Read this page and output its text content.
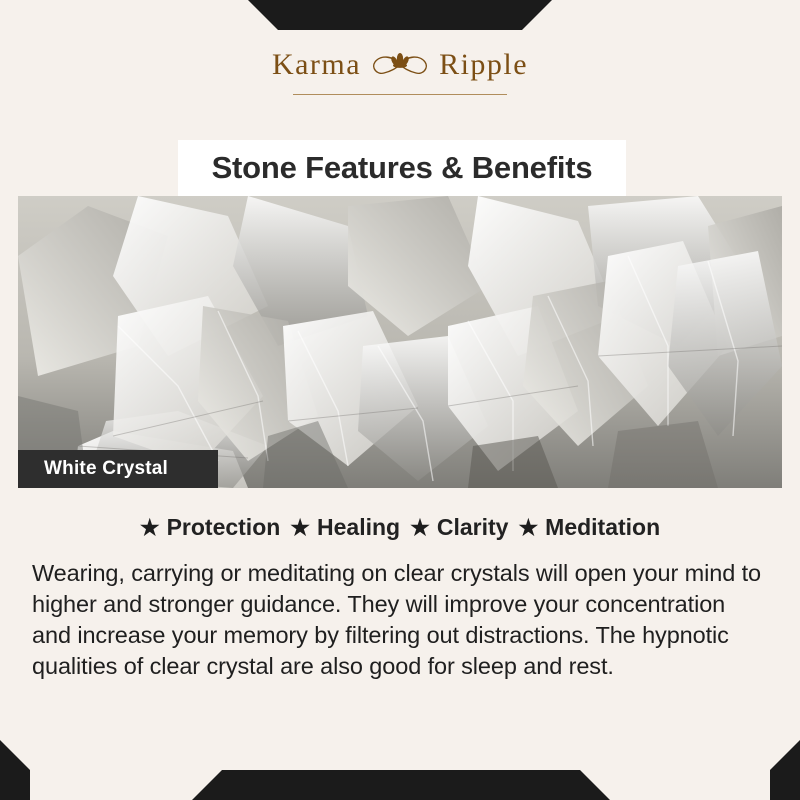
Karma	Ripple
Stone Features & Benefits
White Crystal
★ Protection ★ Healing ★ Clarity ★ Meditation
Wearing, carrying or meditating on clear crystals will open your mind to higher and stronger guidance. They will improve your concentration and increase your memory by filtering out distractions. The hypnotic qualities of clear crystal are also good for sleep and rest.
